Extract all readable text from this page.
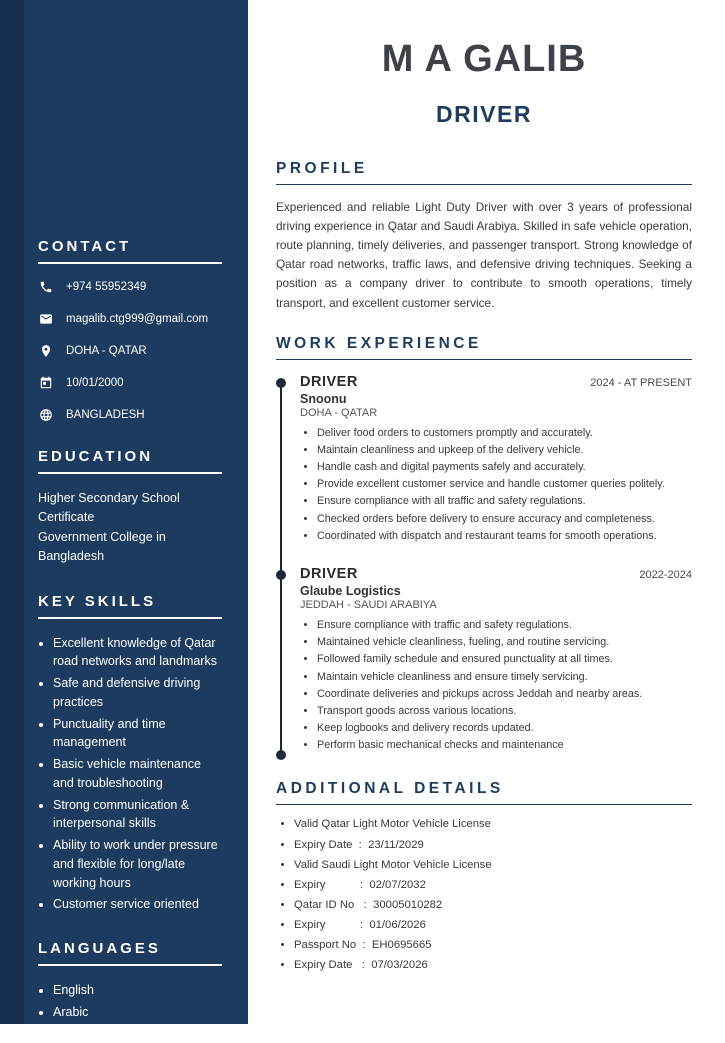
CONTACT
+974 55952349
magalib.ctg999@gmail.com
DOHA - QATAR
10/01/2000
BANGLADESH
EDUCATION
Higher Secondary School Certificate
Government College in Bangladesh
KEY SKILLS
• Excellent knowledge of Qatar road networks and landmarks
• Safe and defensive driving practices
• Punctuality and time management
• Basic vehicle maintenance and troubleshooting
• Strong communication & interpersonal skills
• Ability to work under pressure and flexible for long/late working hours
• Customer service oriented
LANGUAGES
• English
• Arabic
• Hindi
M A GALIB
DRIVER
PROFILE

Experienced and reliable Light Duty Driver with over 3 years of professional driving experience in Qatar and Saudi Arabiya. Skilled in safe vehicle operation, route planning, timely deliveries, and passenger transport. Strong knowledge of Qatar road networks, traffic laws, and defensive driving techniques. Seeking a position as a company driver to contribute to smooth operations, timely transport, and excellent customer service.

WORK EXPERIENCE
DRIVER	2024 - AT PRESENT
Snoonu
DOHA - QATAR
• Deliver food orders to customers promptly and accurately.
• Maintain cleanliness and upkeep of the delivery vehicle.
• Handle cash and digital payments safely and accurately.
• Provide excellent customer service and handle customer queries politely.
• Ensure compliance with all traffic and safety regulations.
• Checked orders before delivery to ensure accuracy and completeness.
• Coordinated with dispatch and restaurant teams for smooth operations.
DRIVER	2022-2024
Glaube Logistics
JEDDAH - SAUDI ARABIYA
• Ensure compliance with traffic and safety regulations.
• Maintained vehicle cleanliness, fueling, and routine servicing.
• Followed family schedule and ensured punctuality at all times.
• Maintain vehicle cleanliness and ensure timely servicing.
• Coordinate deliveries and pickups across Jeddah and nearby areas.
• Transport goods across various locations.
• Keep logbooks and delivery records updated.
• Perform basic mechanical checks and maintenance
ADDITIONAL DETAILS
• Valid Qatar Light Motor Vehicle License
• Expiry Date  :  23/11/2029
• Valid Saudi Light Motor Vehicle License
• Expiry           :  02/07/2032
• Qatar ID No   :  30005010282
• Expiry           :  01/06/2026
• Passport No  :  EH0695665
• Expiry Date   :  07/03/2026
